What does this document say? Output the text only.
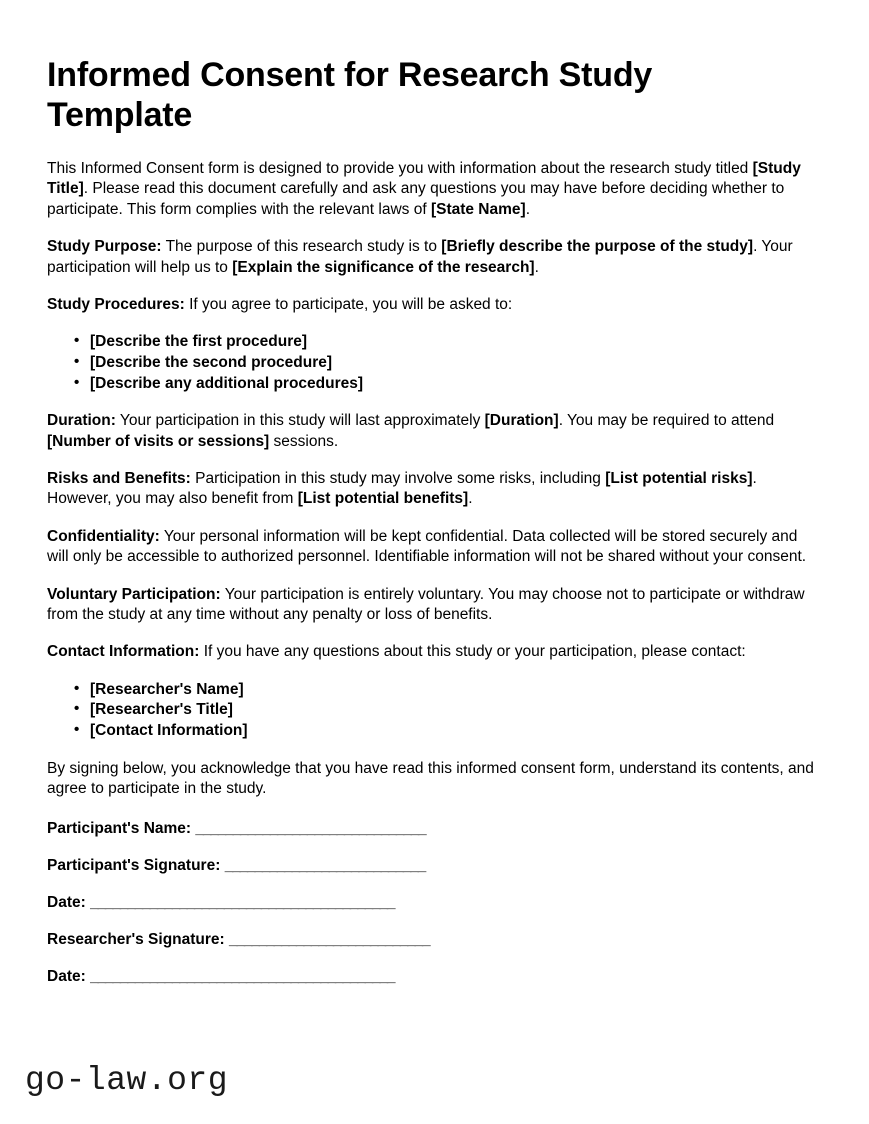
Informed Consent for Research Study Template

This Informed Consent form is designed to provide you with information about the research study titled [Study Title]. Please read this document carefully and ask any questions you may have before deciding whether to participate. This form complies with the relevant laws of [State Name].

Study Purpose: The purpose of this research study is to [Briefly describe the purpose of the study]. Your participation will help us to [Explain the significance of the research].

Study Procedures: If you agree to participate, you will be asked to:

• [Describe the first procedure]
• [Describe the second procedure]
• [Describe any additional procedures]

Duration: Your participation in this study will last approximately [Duration]. You may be required to attend [Number of visits or sessions] sessions.

Risks and Benefits: Participation in this study may involve some risks, including [List potential risks]. However, you may also benefit from [List potential benefits].

Confidentiality: Your personal information will be kept confidential. Data collected will be stored securely and will only be accessible to authorized personnel. Identifiable information will not be shared without your consent.

Voluntary Participation: Your participation is entirely voluntary. You may choose not to participate or withdraw from the study at any time without any penalty or loss of benefits.

Contact Information: If you have any questions about this study or your participation, please contact:

• [Researcher's Name]
• [Researcher's Title]
• [Contact Information]

By signing below, you acknowledge that you have read this informed consent form, understand its contents, and agree to participate in the study.

Participant's Name: _______________________________
Participant's Signature: ___________________________
Date: _________________________________________
Researcher's Signature: ___________________________
Date: _________________________________________
go-law.org
